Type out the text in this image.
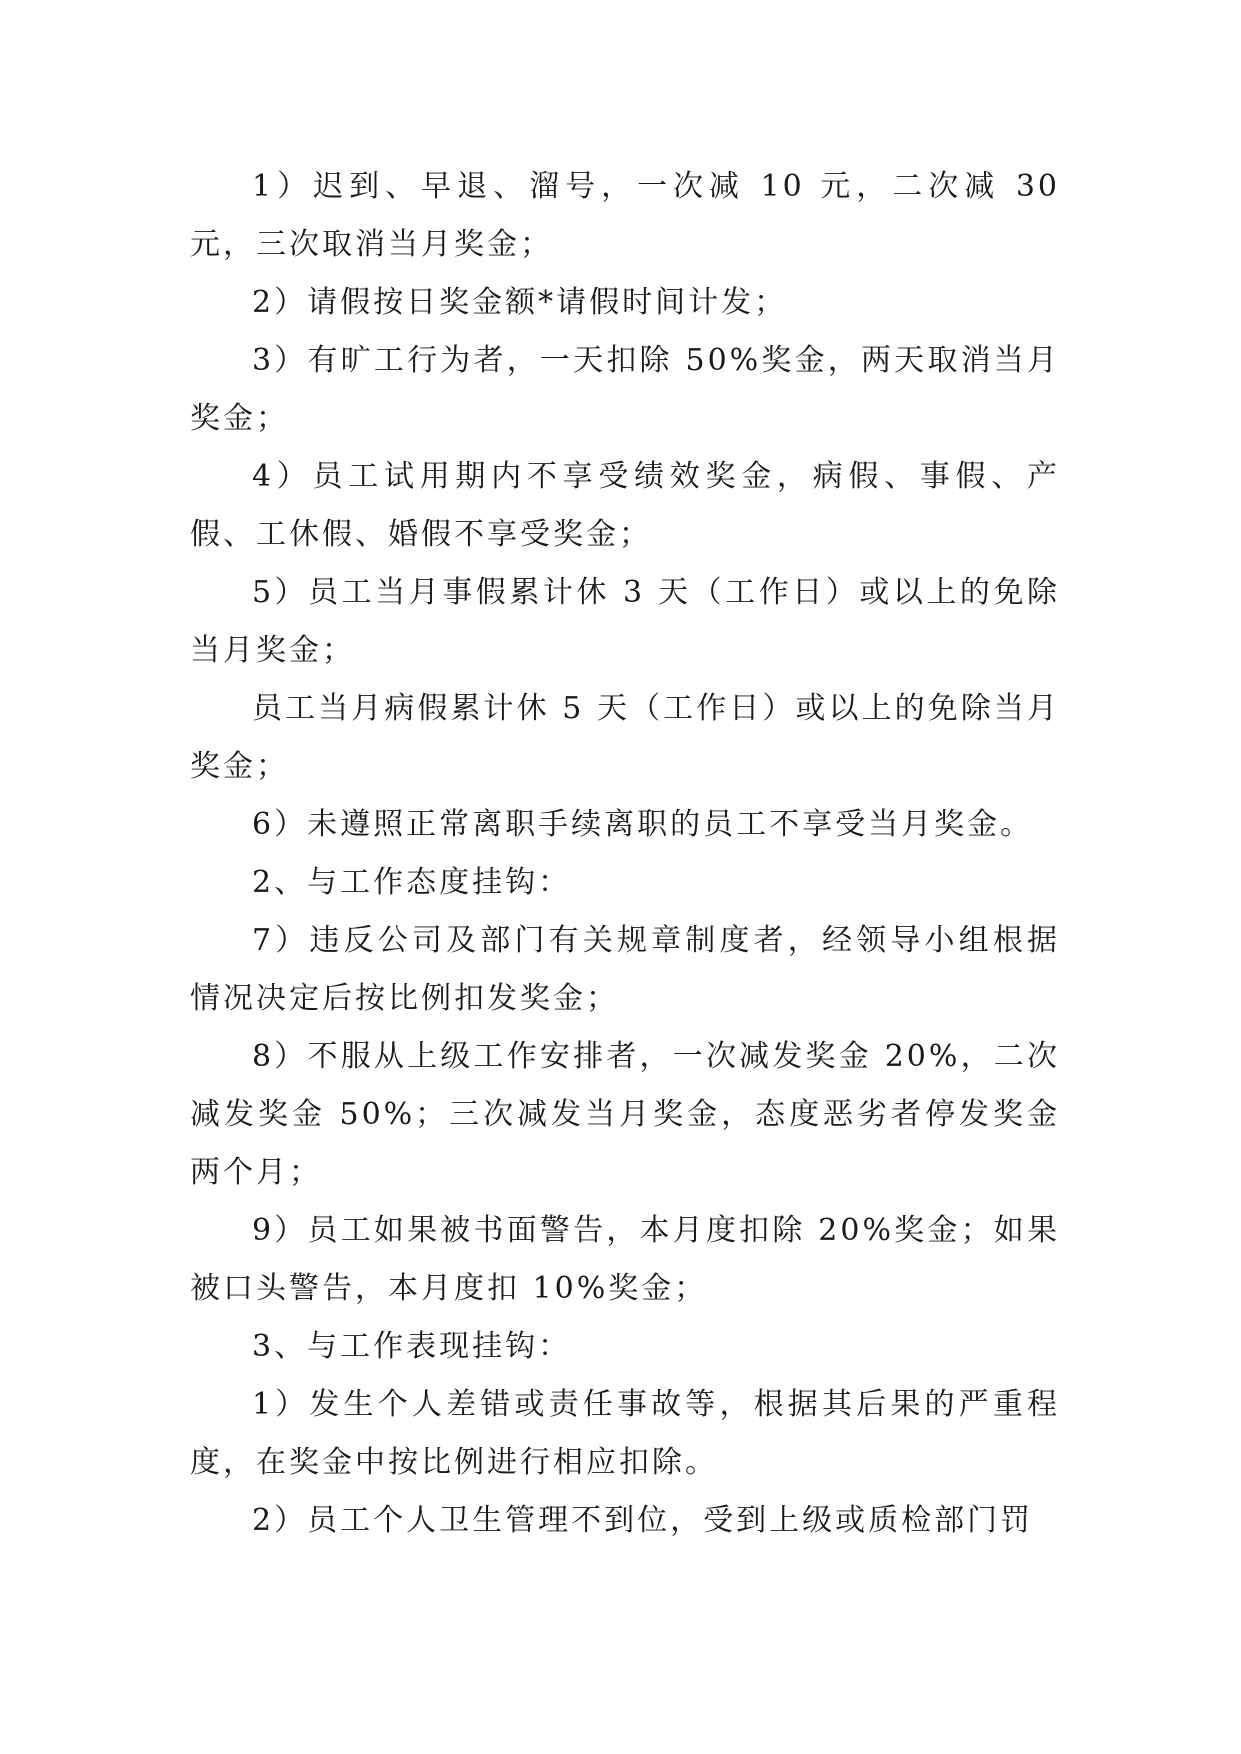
1）迟到、早退、溜号，一次减 10 元，二次减 30 元，三次取消当月奖金；

2）请假按日奖金额*请假时间计发；

3）有旷工行为者，一天扣除 50%奖金，两天取消当月奖金；

4）员工试用期内不享受绩效奖金，病假、事假、产假、工休假、婚假不享受奖金；

5）员工当月事假累计休 3 天（工作日）或以上的免除当月奖金；

员工当月病假累计休 5 天（工作日）或以上的免除当月奖金；

6）未遵照正常离职手续离职的员工不享受当月奖金。

2、与工作态度挂钩：

7）违反公司及部门有关规章制度者，经领导小组根据情况决定后按比例扣发奖金；

8）不服从上级工作安排者，一次减发奖金 20%，二次减发奖金 50%；三次减发当月奖金，态度恶劣者停发奖金两个月；

9）员工如果被书面警告，本月度扣除 20%奖金；如果被口头警告，本月度扣 10%奖金；

3、与工作表现挂钩：

1）发生个人差错或责任事故等，根据其后果的严重程度，在奖金中按比例进行相应扣除。

2）员工个人卫生管理不到位，受到上级或质检部门罚
